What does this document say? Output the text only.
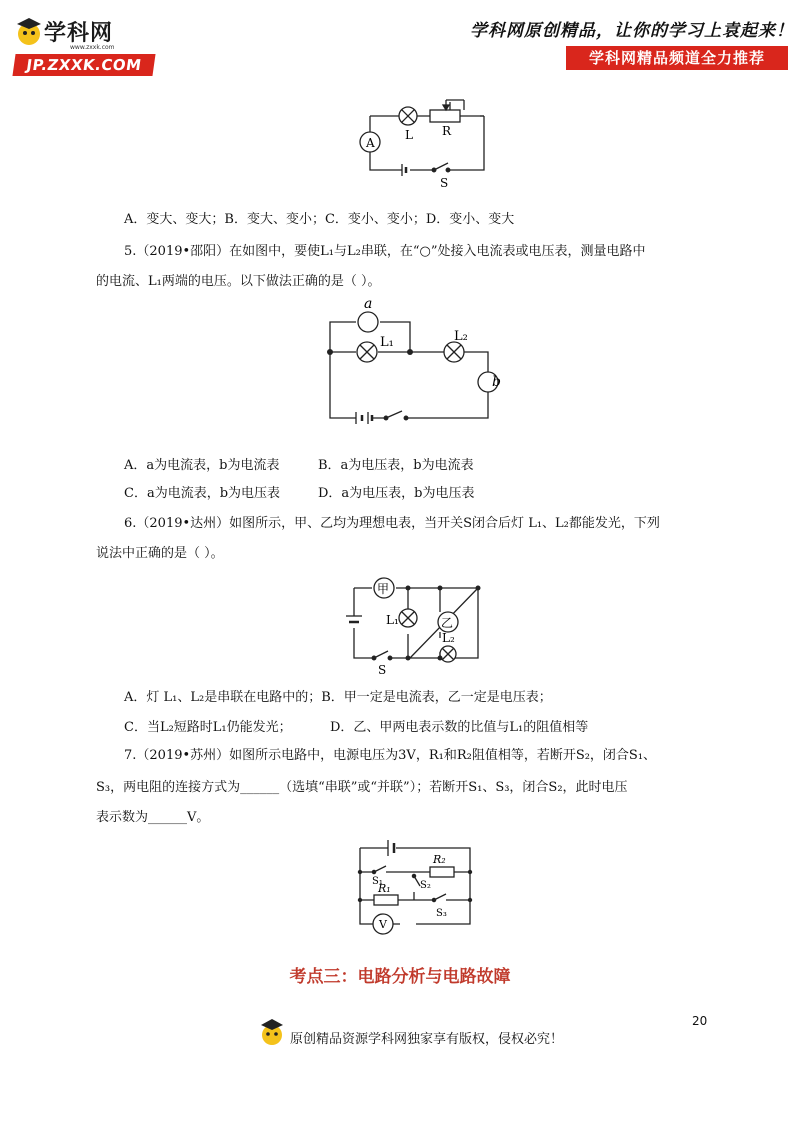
学科网
www.zxxk.com
JP.ZXXK.COM
学科网原创精品，让你的学习上袁起来！
学科网精品频道全力推荐
A
L R
S
A．变大、变大；B．变大、变小；C．变小、变小；D．变小、变大
5.（2019•邵阳）在如图中，要使L₁与L₂串联，在“○”处接入电流表或电压表，测量电路中
的电流、L₁两端的电压。以下做法正确的是（ ）。
a
L₁	L₂
b
A．a为电流表，b为电流表	B．a为电压表，b为电流表
C．a为电流表，b为电压表	D．a为电压表，b为电压表
6.（2019•达州）如图所示，甲、乙均为理想电表，当开关S闭合后灯 L₁、L₂都能发光，下列
说法中正确的是（ ）。
甲
乙
L₁
L₂
S
A．灯 L₁、L₂是串联在电路中的；B．甲一定是电流表，乙一定是电压表；
C．当L₂短路时L₁仍能发光；	D．乙、甲两电表示数的比值与L₁的阻值相等
7.（2019•苏州）如图所示电路中，电源电压为3V，R₁和R₂阻值相等，若断开S₂，闭合S₁、
S₃，两电阻的连接方式为______（选填“串联”或“并联”）；若断开S₁、S₃，闭合S₂，此时电压
表示数为______V。
R₂
R₁
S₁	S₂
S₃
V
考点三：电路分析与电路故障
20
原创精品资源学科网独家享有版权，侵权必究！
